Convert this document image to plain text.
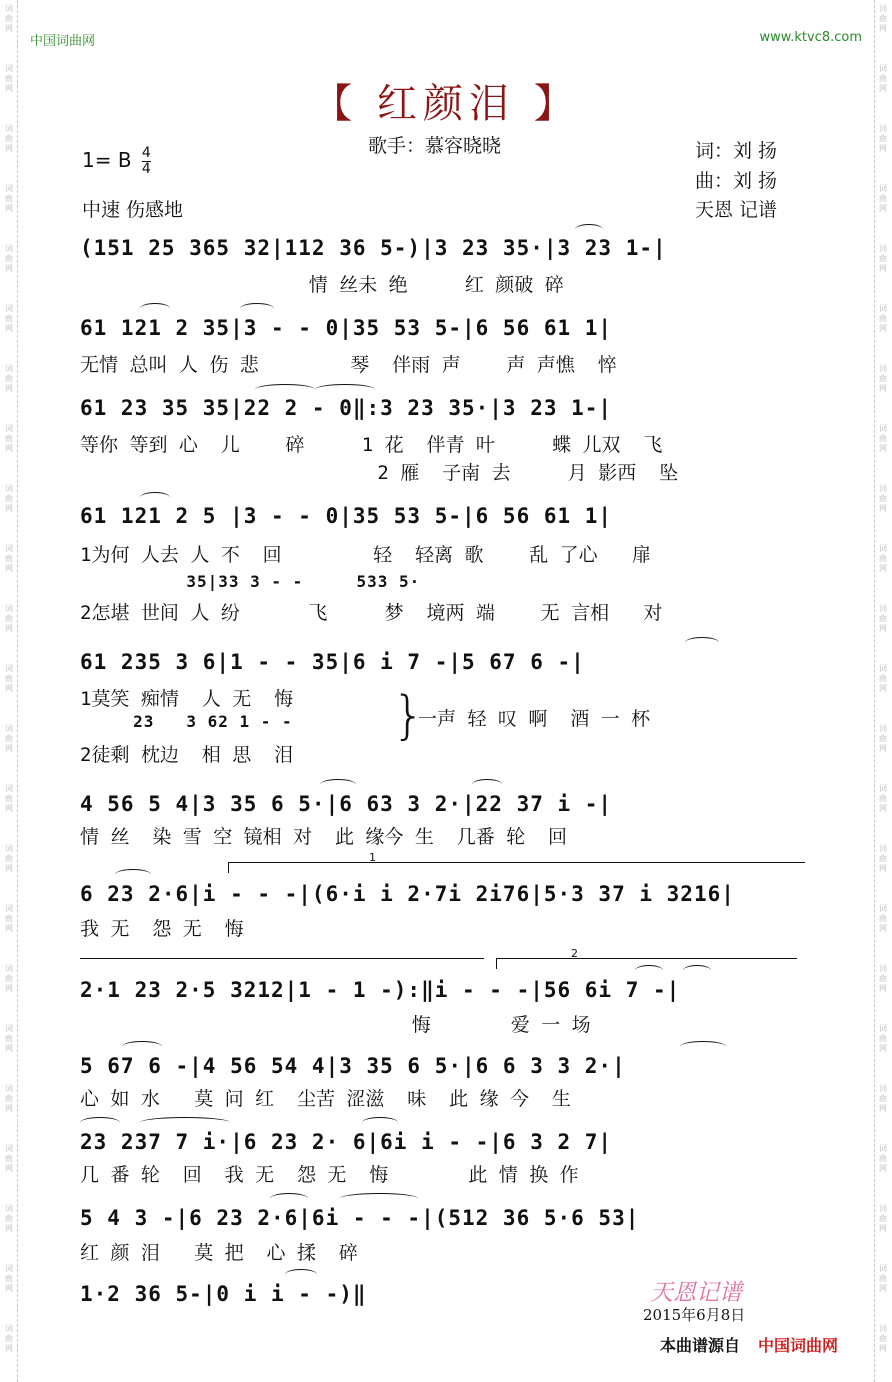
词曲网
词曲网
词曲网
词曲网
词曲网
词曲网
词曲网
词曲网
词曲网
词曲网
词曲网
词曲网
词曲网
词曲网
词曲网
词曲网
词曲网
词曲网
词曲网
词曲网
词曲网
词曲网
词曲网
词曲网
词曲网
词曲网
词曲网
词曲网
词曲网
词曲网
词曲网
词曲网
词曲网
词曲网
词曲网
词曲网
词曲网
词曲网
词曲网
词曲网
词曲网
词曲网
词曲网
词曲网
词曲网
词曲网
中国词曲网	www.ktvc8.com
【 红颜泪 】
歌手：慕容晓晓	词：刘 扬
曲：刘 扬
天恩 记谱
1= B $\frac{4}{4}$
中速 伤感地
(151 25 365 32|112 36 5-)|3 23 35·|3 23 1-|
情 丝未 绝     红 颜破 碎
61 121 2 35|3 - - 0|35 53 5-|6 56 61 1|
无情 总叫 人 伤 悲        琴  伴雨 声    声 声憔  悴
61 23 35 35|22 2 - 0‖:3 23 35·|3 23 1-|
等你 等到 心  儿    碎     1 花  伴青 叶     蝶 儿双  飞
2 雁  子南 去     月 影西  坠
61 121 2 5 |3 - - 0|35 53 5-|6 56 61 1|
1为何 人去 人 不  回        轻  轻离 歌    乱 了心   扉
35|33 3 - -     533 5·
2怎堪 世间 人 纷      飞     梦  境两 端    无 言相   对
61 235 3 6|1 - - 35|6 i 7 -|5 67 6 -|
1莫笑 痴情  人 无  悔
23   3 62 1 - -
2徒剩 枕边  相 思  泪
}
一声 轻 叹 啊  酒 一 杯
4 56 5 4|3 35 6 5·|6 63 3 2·|22 37 i -|
情 丝  染 雪 空 镜相 对  此 缘今 生  几番 轮  回
1
6 23 2·6|i - - -|(6·i i 2·7i 2i76|5·3 37 i 3216|
我 无  怨 无  悔
2
2·1 23 2·5 3212|1 - 1 -):‖i - - -|56 6i 7 -|
悔       爱 一 场
5 67 6 -|4 56 54 4|3 35 6 5·|6 6 3 3 2·|
心 如 水   莫 问 红  尘苦 涩滋  味  此 缘 今  生
23 237 7 i·|6 23 2· 6|6i i - -|6 3 2 7|
几 番 轮  回  我 无  怨 无  悔       此 情 换 作
5 4 3 -|6 23 2·6|6i - - -|(512 36 5·6 53|
红 颜 泪   莫 把  心 揉  碎
1·2 36 5-|0 i i - -)‖	天恩记谱
2015年6月8日
本曲谱源自 中国词曲网
